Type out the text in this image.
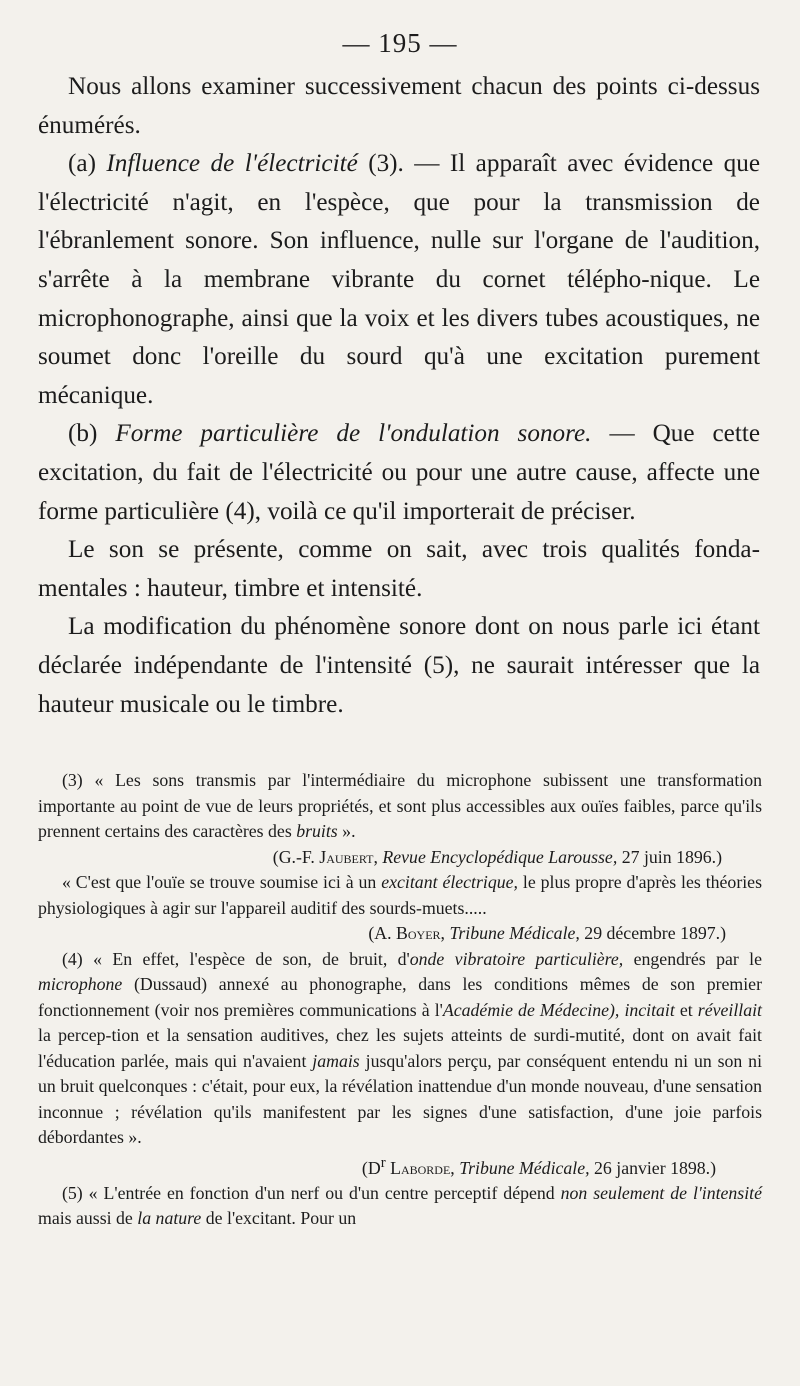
— 195 —

Nous allons examiner successivement chacun des points ci-dessus énumérés.

(a) Influence de l'électricité (3). — Il apparaît avec évidence que l'électricité n'agit, en l'espèce, que pour la transmission de l'ébranlement sonore. Son influence, nulle sur l'organe de l'audition, s'arrête à la membrane vibrante du cornet télépho-nique. Le microphonographe, ainsi que la voix et les divers tubes acoustiques, ne soumet donc l'oreille du sourd qu'à une excitation purement mécanique.

(b) Forme particulière de l'ondulation sonore. — Que cette excitation, du fait de l'électricité ou pour une autre cause, affecte une forme particulière (4), voilà ce qu'il importerait de préciser.

Le son se présente, comme on sait, avec trois qualités fonda-mentales : hauteur, timbre et intensité.

La modification du phénomène sonore dont on nous parle ici étant déclarée indépendante de l'intensité (5), ne saurait intéresser que la hauteur musicale ou le timbre.

(3) « Les sons transmis par l'intermédiaire du microphone subissent une transformation importante au point de vue de leurs propriétés, et sont plus accessibles aux ouïes faibles, parce qu'ils prennent certains des caractères des bruits ».

(G.-F. Jaubert, Revue Encyclopédique Larousse, 27 juin 1896.)

« C'est que l'ouïe se trouve soumise ici à un excitant électrique, le plus propre d'après les théories physiologiques à agir sur l'appareil auditif des sourds-muets.....

(A. Boyer, Tribune Médicale, 29 décembre 1897.)

(4) « En effet, l'espèce de son, de bruit, d'onde vibratoire particulière, engendrés par le microphone (Dussaud) annexé au phonographe, dans les conditions mêmes de son premier fonctionnement (voir nos premières communications à l'Académie de Médecine), incitait et réveillait la percep-tion et la sensation auditives, chez les sujets atteints de surdi-mutité, dont on avait fait l'éducation parlée, mais qui n'avaient jamais jusqu'alors perçu, par conséquent entendu ni un son ni un bruit quelconques : c'était, pour eux, la révélation inattendue d'un monde nouveau, d'une sensation inconnue ; révélation qu'ils manifestent par les signes d'une satisfaction, d'une joie parfois débordantes ».

($D^r$ Laborde, Tribune Médicale, 26 janvier 1898.)

(5) « L'entrée en fonction d'un nerf ou d'un centre perceptif dépend non seulement de l'intensité mais aussi de la nature de l'excitant. Pour un
